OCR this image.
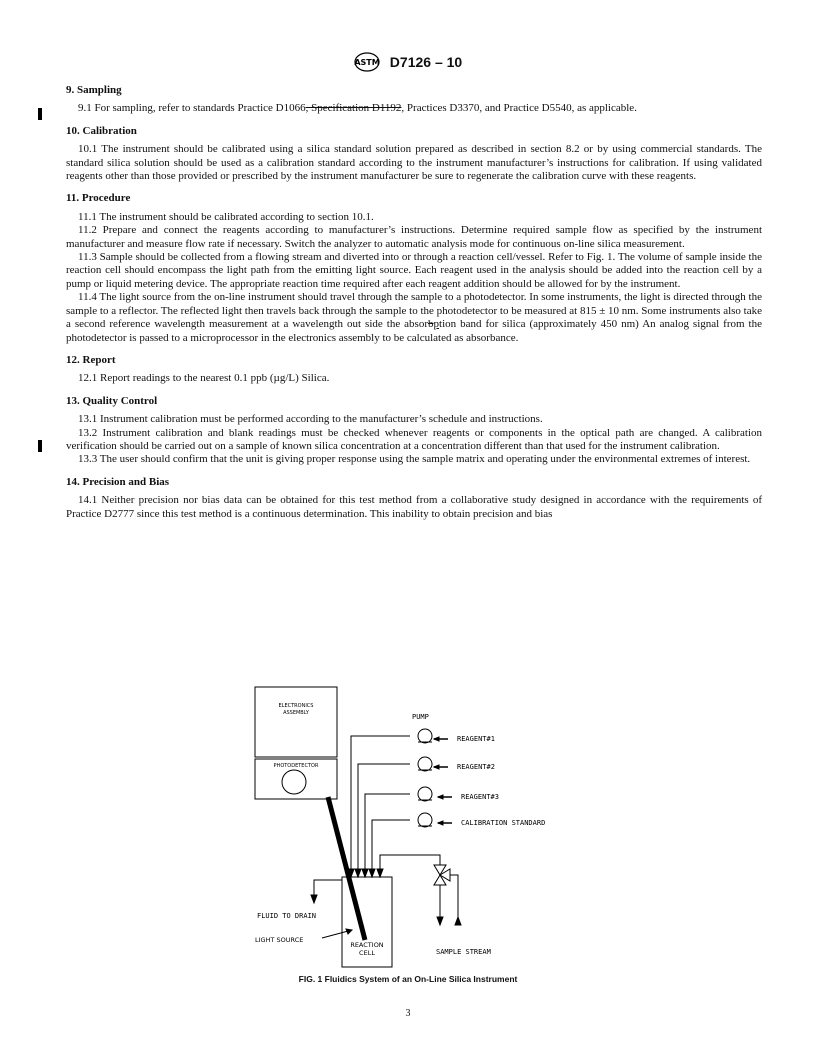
ASTM D7126 – 10
9. Sampling

9.1 For sampling, refer to standards Practice D1066, Specification D1192, Practices D3370, and Practice D5540, as applicable.

10. Calibration

10.1 The instrument should be calibrated using a silica standard solution prepared as described in section 8.2 or by using commercial standards. The standard silica solution should be used as a calibration standard according to the instrument manufacturer’s instructions for calibration. If using validated reagents other than those provided or prescribed by the instrument manufacturer be sure to regenerate the calibration curve with these reagents.

11. Procedure

11.1 The instrument should be calibrated according to section 10.1.

11.2 Prepare and connect the reagents according to manufacturer’s instructions. Determine required sample flow as specified by the instrument manufacturer and measure flow rate if necessary. Switch the analyzer to automatic analysis mode for continuous on-line silica measurement.

11.3 Sample should be collected from a flowing stream and diverted into or through a reaction cell/vessel. Refer to Fig. 1. The volume of sample inside the reaction cell should encompass the light path from the emitting light source. Each reagent used in the analysis should be added into the reaction cell by a pump or liquid metering device. The appropriate reaction time required after each reagent addition should be allowed for by the instrument.

11.4 The light source from the on-line instrument should travel through the sample to a photodetector. In some instruments, the light is directed through the sample to a reflector. The reflected light then travels back through the sample to the photodetector to be measured at 815 ± 10 nm. Some instruments also take a second reference wavelength measurement at a wavelength out side the absorbption band for silica (approximately 450 nm) An analog signal from the photodetector is passed to a microprocessor in the electronics assembly to be calculated as absorbance.

12. Report

12.1 Report readings to the nearest 0.1 ppb (µg/L) Silica.

13. Quality Control

13.1 Instrument calibration must be performed according to the manufacturer’s schedule and instructions.

13.2 Instrument calibration and blank readings must be checked whenever reagents or components in the optical path are changed. A calibration verification should be carried out on a sample of known silica concentration at a concentration different than that used for the instrument calibration.

13.3 The user should confirm that the unit is giving proper response using the sample matrix and operating under the environmental extremes of interest.

14. Precision and Bias

14.1 Neither precision nor bias data can be obtained for this test method from a collaborative study designed in accordance with the requirements of Practice D2777 since this test method is a continuous determination. This inability to obtain precision and bias

ELECTRONICS
ASSEMBLY
PHOTODETECTOR
REACTION
CELL
PUMP
REAGENT#1
REAGENT#2
REAGENT#3
CALIBRATION STANDARD
SAMPLE STREAM
FLUID TO DRAIN
LIGHT SOURCE
FIG. 1 Fluidics System of an On-Line Silica Instrument
3
